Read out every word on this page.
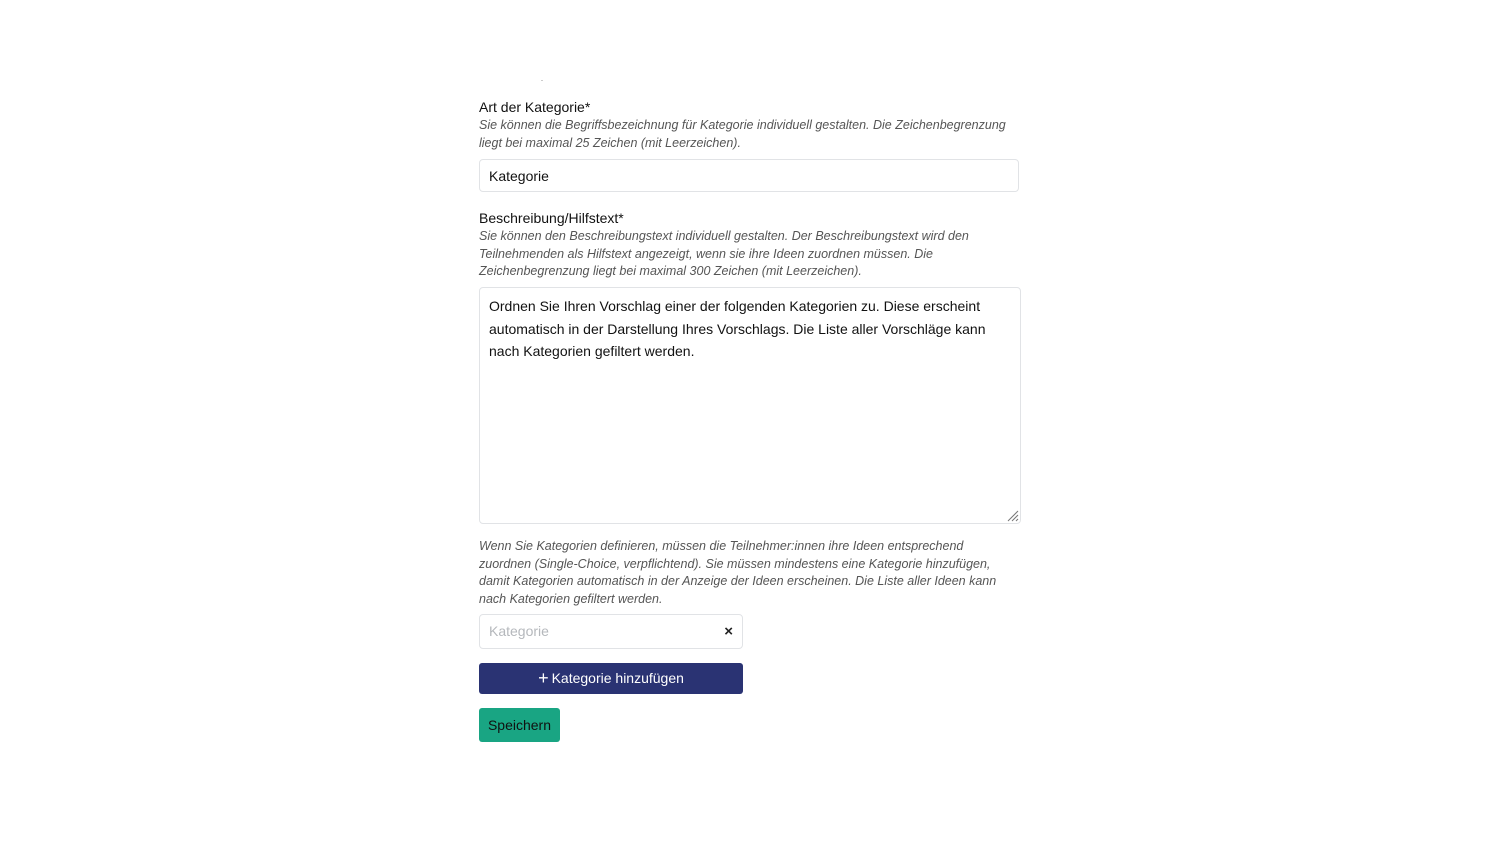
Art der Kategorie*
Sie können die Begriffsbezeichnung für Kategorie individuell gestalten. Die Zeichenbegrenzung liegt bei maximal 25 Zeichen (mit Leerzeichen).
Kategorie
Beschreibung/Hilfstext*
Sie können den Beschreibungstext individuell gestalten. Der Beschreibungstext wird den Teilnehmenden als Hilfstext angezeigt, wenn sie ihre Ideen zuordnen müssen. Die Zeichenbegrenzung liegt bei maximal 300 Zeichen (mit Leerzeichen).
Ordnen Sie Ihren Vorschlag einer der folgenden Kategorien zu. Diese erscheint automatisch in der Darstellung Ihres Vorschlags. Die Liste aller Vorschläge kann nach Kategorien gefiltert werden.
Wenn Sie Kategorien definieren, müssen die Teilnehmer:innen ihre Ideen entsprechend zuordnen (Single-Choice, verpflichtend). Sie müssen mindestens eine Kategorie hinzufügen, damit Kategorien automatisch in der Anzeige der Ideen erscheinen. Die Liste aller Ideen kann nach Kategorien gefiltert werden.
Kategorie	×
+ Kategorie hinzufügen
Speichern
